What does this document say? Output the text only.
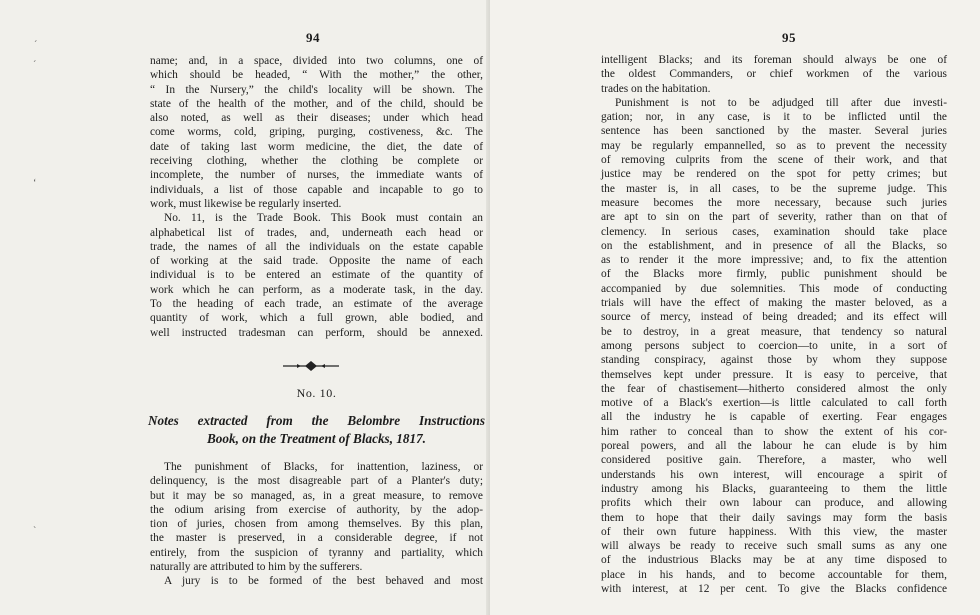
94
´
´
‘
ˋ
name; and, in a space, divided into two columns, one of
which should be headed, “ With the mother,” the other,
“ In the Nursery,” the child's locality will be shown. The
state of the health of the mother, and of the child, should be
also noted, as well as their diseases; under which head
come worms, cold, griping, purging, costiveness, &c. The
date of taking last worm medicine, the diet, the date of
receiving clothing, whether the clothing be complete or
incomplete, the number of nurses, the immediate wants of
individuals, a list of those capable and incapable to go to
work, must likewise be regularly inserted.
No. 11, is the Trade Book. This Book must contain an
alphabetical list of trades, and, underneath each head or
trade, the names of all the individuals on the estate capable
of working at the said trade. Opposite the name of each
individual is to be entered an estimate of the quantity of
work which he can perform, as a moderate task, in the day.
To the heading of each trade, an estimate of the average
quantity of work, which a full grown, able bodied, and
well instructed tradesman can perform, should be annexed.
No. 10.
Notes extracted from the Belombre Instructions
Book, on the Treatment of Blacks, 1817.
The punishment of Blacks, for inattention, laziness, or
delinquency, is the most disagreable part of a Planter's duty;
but it may be so managed, as, in a great measure, to remove
the odium arising from exercise of authority, by the adop-
tion of juries, chosen from among themselves. By this plan,
the master is preserved, in a considerable degree, if not
entirely, from the suspicion of tyranny and partiality, which
naturally are attributed to him by the sufferers.
A jury is to be formed of the best behaved and most
95
intelligent Blacks; and its foreman should always be one of
the oldest Commanders, or chief workmen of the various
trades on the habitation.
Punishment is not to be adjudged till after due investi-
gation; nor, in any case, is it to be inflicted until the
sentence has been sanctioned by the master. Several juries
may be regularly empannelled, so as to prevent the necessity
of removing culprits from the scene of their work, and that
justice may be rendered on the spot for petty crimes; but
the master is, in all cases, to be the supreme judge. This
measure becomes the more necessary, because such juries
are apt to sin on the part of severity, rather than on that of
clemency. In serious cases, examination should take place
on the establishment, and in presence of all the Blacks, so
as to render it the more impressive; and, to fix the attention
of the Blacks more firmly, public punishment should be
accompanied by due solemnities. This mode of conducting
trials will have the effect of making the master beloved, as a
source of mercy, instead of being dreaded; and its effect will
be to destroy, in a great measure, that tendency so natural
among persons subject to coercion—to unite, in a sort of
standing conspiracy, against those by whom they suppose
themselves kept under pressure. It is easy to perceive, that
the fear of chastisement—hitherto considered almost the only
motive of a Black's exertion—is little calculated to call forth
all the industry he is capable of exerting. Fear engages
him rather to conceal than to show the extent of his cor-
poreal powers, and all the labour he can elude is by him
considered positive gain. Therefore, a master, who well
understands his own interest, will encourage a spirit of
industry among his Blacks, guaranteeing to them the little
profits which their own labour can produce, and allowing
them to hope that their daily savings may form the basis
of their own future happiness. With this view, the master
will always be ready to receive such small sums as any one
of the industrious Blacks may be at any time disposed to
place in his hands, and to become accountable for them,
with interest, at 12 per cent. To give the Blacks confidence
